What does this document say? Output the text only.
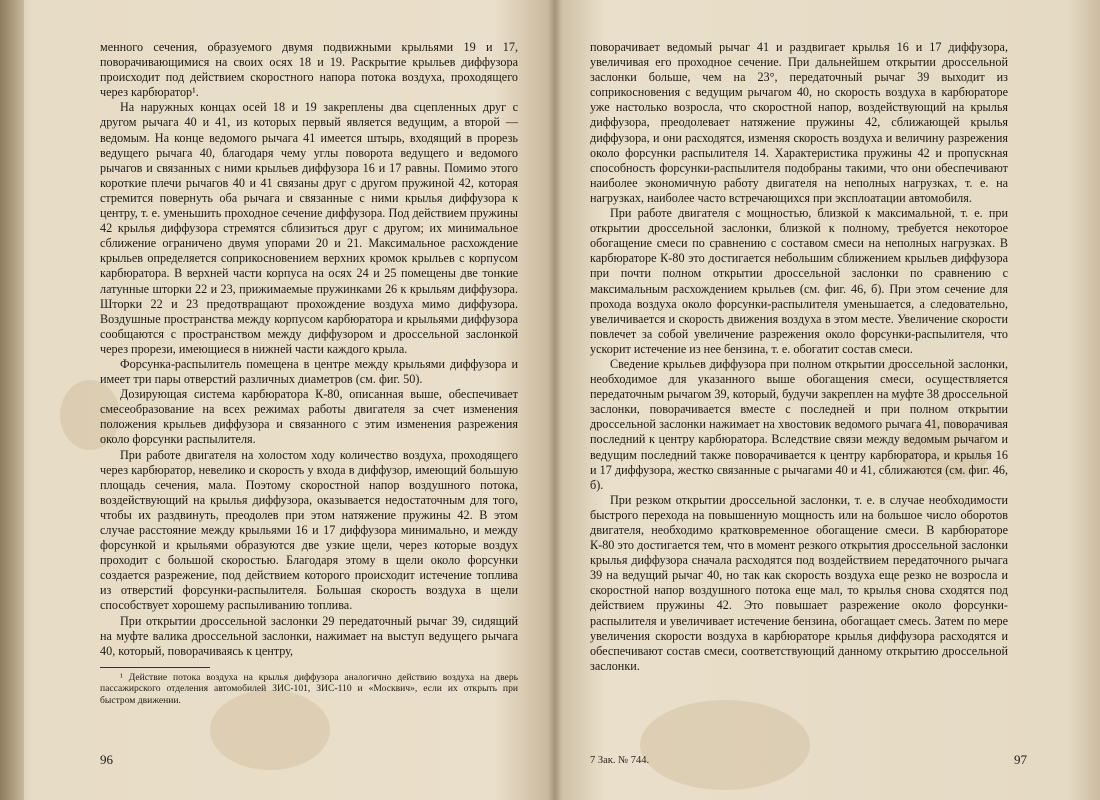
менного сечения, образуемого двумя подвижными крыльями 19 и 17, поворачивающимися на своих осях 18 и 19. Раскрытие крыльев диффузора происходит под действием скоростного напора потока воздуха, проходящего через карбюратор¹.

На наружных концах осей 18 и 19 закреплены два сцепленных друг с другом рычага 40 и 41, из которых первый является ведущим, а второй — ведомым. На конце ведомого рычага 41 имеется штырь, входящий в прорезь ведущего рычага 40, благодаря чему углы поворота ведущего и ведомого рычагов и связанных с ними крыльев диффузора 16 и 17 равны. Помимо этого короткие плечи рычагов 40 и 41 связаны друг с другом пружиной 42, которая стремится повернуть оба рычага и связанные с ними крылья диффузора к центру, т. е. уменьшить проходное сечение диффузора. Под действием пружины 42 крылья диффузора стремятся сблизиться друг с другом; их минимальное сближение ограничено двумя упорами 20 и 21. Максимальное расхождение крыльев определяется соприкосновением верхних кромок крыльев с корпусом карбюратора. В верхней части корпуса на осях 24 и 25 помещены две тонкие латунные шторки 22 и 23, прижимаемые пружинками 26 к крыльям диффузора. Шторки 22 и 23 предотвращают прохождение воздуха мимо диффузора. Воздушные пространства между корпусом карбюратора и крыльями диффузора сообщаются с пространством между диффузором и дроссельной заслонкой через прорези, имеющиеся в нижней части каждого крыла.

Форсунка-распылитель помещена в центре между крыльями диффузора и имеет три пары отверстий различных диаметров (см. фиг. 50).

Дозирующая система карбюратора К-80, описанная выше, обеспечивает смесеобразование на всех режимах работы двигателя за счет изменения положения крыльев диффузора и связанного с этим изменения разрежения около форсунки распылителя.

При работе двигателя на холостом ходу количество воздуха, проходящего через карбюратор, невелико и скорость у входа в диффузор, имеющий большую площадь сечения, мала. Поэтому скоростной напор воздушного потока, воздействующий на крылья диффузора, оказывается недостаточным для того, чтобы их раздвинуть, преодолев при этом натяжение пружины 42. В этом случае расстояние между крыльями 16 и 17 диффузора минимально, и между форсункой и крыльями образуются две узкие щели, через которые воздух проходит с большой скоростью. Благодаря этому в щели около форсунки создается разрежение, под действием которого происходит истечение топлива из отверстий форсунки-распылителя. Большая скорость воздуха в щели способствует хорошему распыливанию топлива.

При открытии дроссельной заслонки 29 передаточный рычаг 39, сидящий на муфте валика дроссельной заслонки, нажимает на выступ ведущего рычага 40, который, поворачиваясь к центру,

¹ Действие потока воздуха на крылья диффузора аналогично действию воздуха на дверь пассажирского отделения автомобилей ЗИС-101, ЗИС-110 и «Москвич», если их открыть при быстром движении.

96

поворачивает ведомый рычаг 41 и раздвигает крылья 16 и 17 диффузора, увеличивая его проходное сечение. При дальнейшем открытии дроссельной заслонки больше, чем на 23°, передаточный рычаг 39 выходит из соприкосновения с ведущим рычагом 40, но скорость воздуха в карбюраторе уже настолько возросла, что скоростной напор, воздействующий на крылья диффузора, преодолевает натяжение пружины 42, сближающей крылья диффузора, и они расходятся, изменяя скорость воздуха и величину разрежения около форсунки распылителя 14. Характеристика пружины 42 и пропускная способность форсунки-распылителя подобраны такими, что они обеспечивают наиболее экономичную работу двигателя на неполных нагрузках, т. е. на нагрузках, наиболее часто встречающихся при эксплоатации автомобиля.

При работе двигателя с мощностью, близкой к максимальной, т. е. при открытии дроссельной заслонки, близкой к полному, требуется некоторое обогащение смеси по сравнению с составом смеси на неполных нагрузках. В карбюраторе К-80 это достигается небольшим сближением крыльев диффузора при почти полном открытии дроссельной заслонки по сравнению с максимальным расхождением крыльев (см. фиг. 46, б). При этом сечение для прохода воздуха около форсунки-распылителя уменьшается, а следовательно, увеличивается и скорость движения воздуха в этом месте. Увеличение скорости повлечет за собой увеличение разрежения около форсунки-распылителя, что ускорит истечение из нее бензина, т. е. обогатит состав смеси.

Сведение крыльев диффузора при полном открытии дроссельной заслонки, необходимое для указанного выше обогащения смеси, осуществляется передаточным рычагом 39, который, будучи закреплен на муфте 38 дроссельной заслонки, поворачивается вместе с последней и при полном открытии дроссельной заслонки нажимает на хвостовик ведомого рычага 41, поворачивая последний к центру карбюратора. Вследствие связи между ведомым рычагом и ведущим последний также поворачивается к центру карбюратора, и крылья 16 и 17 диффузора, жестко связанные с рычагами 40 и 41, сближаются (см. фиг. 46, б).

При резком открытии дроссельной заслонки, т. е. в случае необходимости быстрого перехода на повышенную мощность или на большое число оборотов двигателя, необходимо кратковременное обогащение смеси. В карбюраторе К-80 это достигается тем, что в момент резкого открытия дроссельной заслонки крылья диффузора сначала расходятся под воздействием передаточного рычага 39 на ведущий рычаг 40, но так как скорость воздуха еще резко не возросла и скоростной напор воздушного потока еще мал, то крылья снова сходятся под действием пружины 42. Это повышает разрежение около форсунки-распылителя и увеличивает истечение бензина, обогащает смесь. Затем по мере увеличения скорости воздуха в карбюраторе крылья диффузора расходятся и обеспечивают состав смеси, соответствующий данному открытию дроссельной заслонки.

7 Зак. № 744.	97
